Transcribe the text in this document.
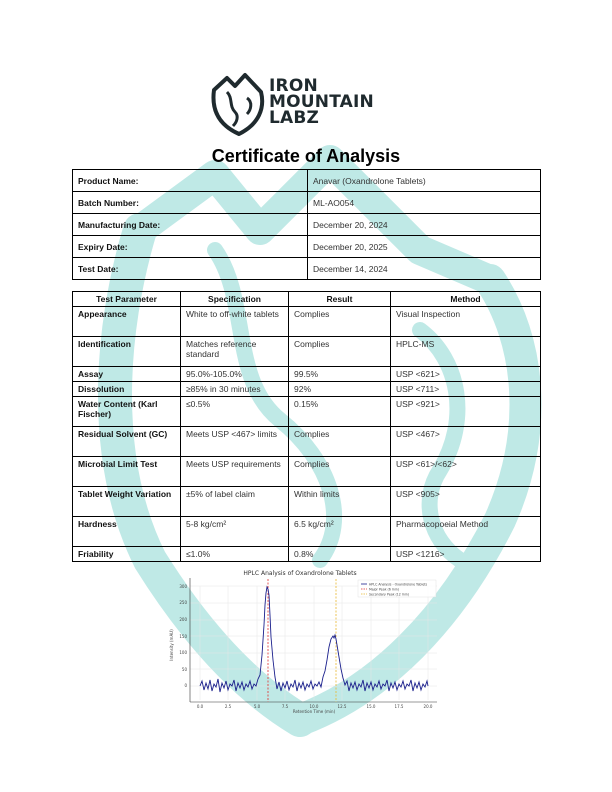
IRON
MOUNTAIN
LABZ
Certificate of Analysis
Product Name:	Anavar (Oxandrolone Tablets)
Batch Number:	ML-AO054
Manufacturing Date:	December 20, 2024
Expiry Date:	December 20, 2025
Test Date:	December 14, 2024
Test Parameter	Specification	Result	Method
Appearance	White to off-white tablets	Complies	Visual Inspection
Identification	Matches reference standard	Complies	HPLC-MS
Assay	95.0%-105.0%	99.5%	USP <621>
Dissolution	≥85% in 30 minutes	92%	USP <711>
Water Content (Karl Fischer)	≤0.5%	0.15%	USP <921>
Residual Solvent (GC)	Meets USP <467> limits	Complies	USP <467>
Microbial Limit Test	Meets USP requirements	Complies	USP <61>/<62>
Tablet Weight Variation	±5% of label claim	Within limits	USP <905>
Hardness	5-8 kg/cm²	6.5 kg/cm²	Pharmacopoeial Method
Friability	≤1.0%	0.8%	USP <1216>
HPLC Analysis of Oxandrolone Tablets
0
50
100
150
200
250
300
Intensity (mAU)
0.0	2.5	5.0	7.5	10.0	12.5	15.0	17.5	20.0
Retention Time (min)
HPLC Analysis - Oxandrolone Tablets
Major Peak (6 min)
Secondary Peak (12 min)
